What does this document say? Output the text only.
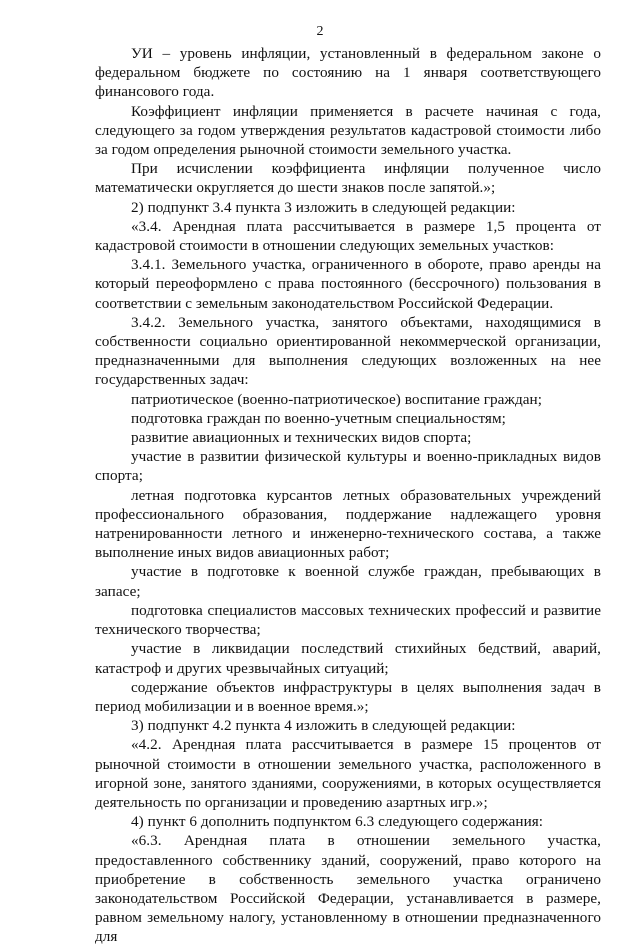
2

УИ – уровень инфляции, установленный в федеральном законе о федеральном бюджете по состоянию на 1 января соответствующего финансового года.

Коэффициент инфляции применяется в расчете начиная с года, следующего за годом утверждения результатов кадастровой стоимости либо за годом определения рыночной стоимости земельного участка.

При исчислении коэффициента инфляции полученное число математически округляется до шести знаков после запятой.»;

2) подпункт 3.4 пункта 3 изложить в следующей редакции:

«3.4. Арендная плата рассчитывается в размере 1,5 процента от кадастровой стоимости в отношении следующих земельных участков:

3.4.1. Земельного участка, ограниченного в обороте, право аренды на который переоформлено с права постоянного (бессрочного) пользования в соответствии с земельным законодательством Российской Федерации.

3.4.2. Земельного участка, занятого объектами, находящимися в собственности социально ориентированной некоммерческой организации, предназначенными для выполнения следующих возложенных на нее государственных задач:

патриотическое (военно-патриотическое) воспитание граждан;

подготовка граждан по военно-учетным специальностям;

развитие авиационных и технических видов спорта;

участие в развитии физической культуры и военно-прикладных видов спорта;

летная подготовка курсантов летных образовательных учреждений профессионального образования, поддержание надлежащего уровня натренированности летного и инженерно-технического состава, а также выполнение иных видов авиационных работ;

участие в подготовке к военной службе граждан, пребывающих в запасе;

подготовка специалистов массовых технических профессий и развитие технического творчества;

участие в ликвидации последствий стихийных бедствий, аварий, катастроф и других чрезвычайных ситуаций;

содержание объектов инфраструктуры в целях выполнения задач в период мобилизации и в военное время.»;

3) подпункт 4.2 пункта 4 изложить в следующей редакции:

«4.2. Арендная плата рассчитывается в размере 15 процентов от рыночной стоимости в отношении земельного участка, расположенного в игорной зоне, занятого зданиями, сооружениями, в которых осуществляется деятельность по организации и проведению азартных игр.»;

4) пункт 6 дополнить подпунктом 6.3 следующего содержания:

«6.3. Арендная плата в отношении земельного участка, предоставленного собственнику зданий, сооружений, право которого на приобретение в собственность земельного участка ограничено законодательством Российской Федерации, устанавливается в размере, равном земельному налогу, установленному в отношении предназначенного для
